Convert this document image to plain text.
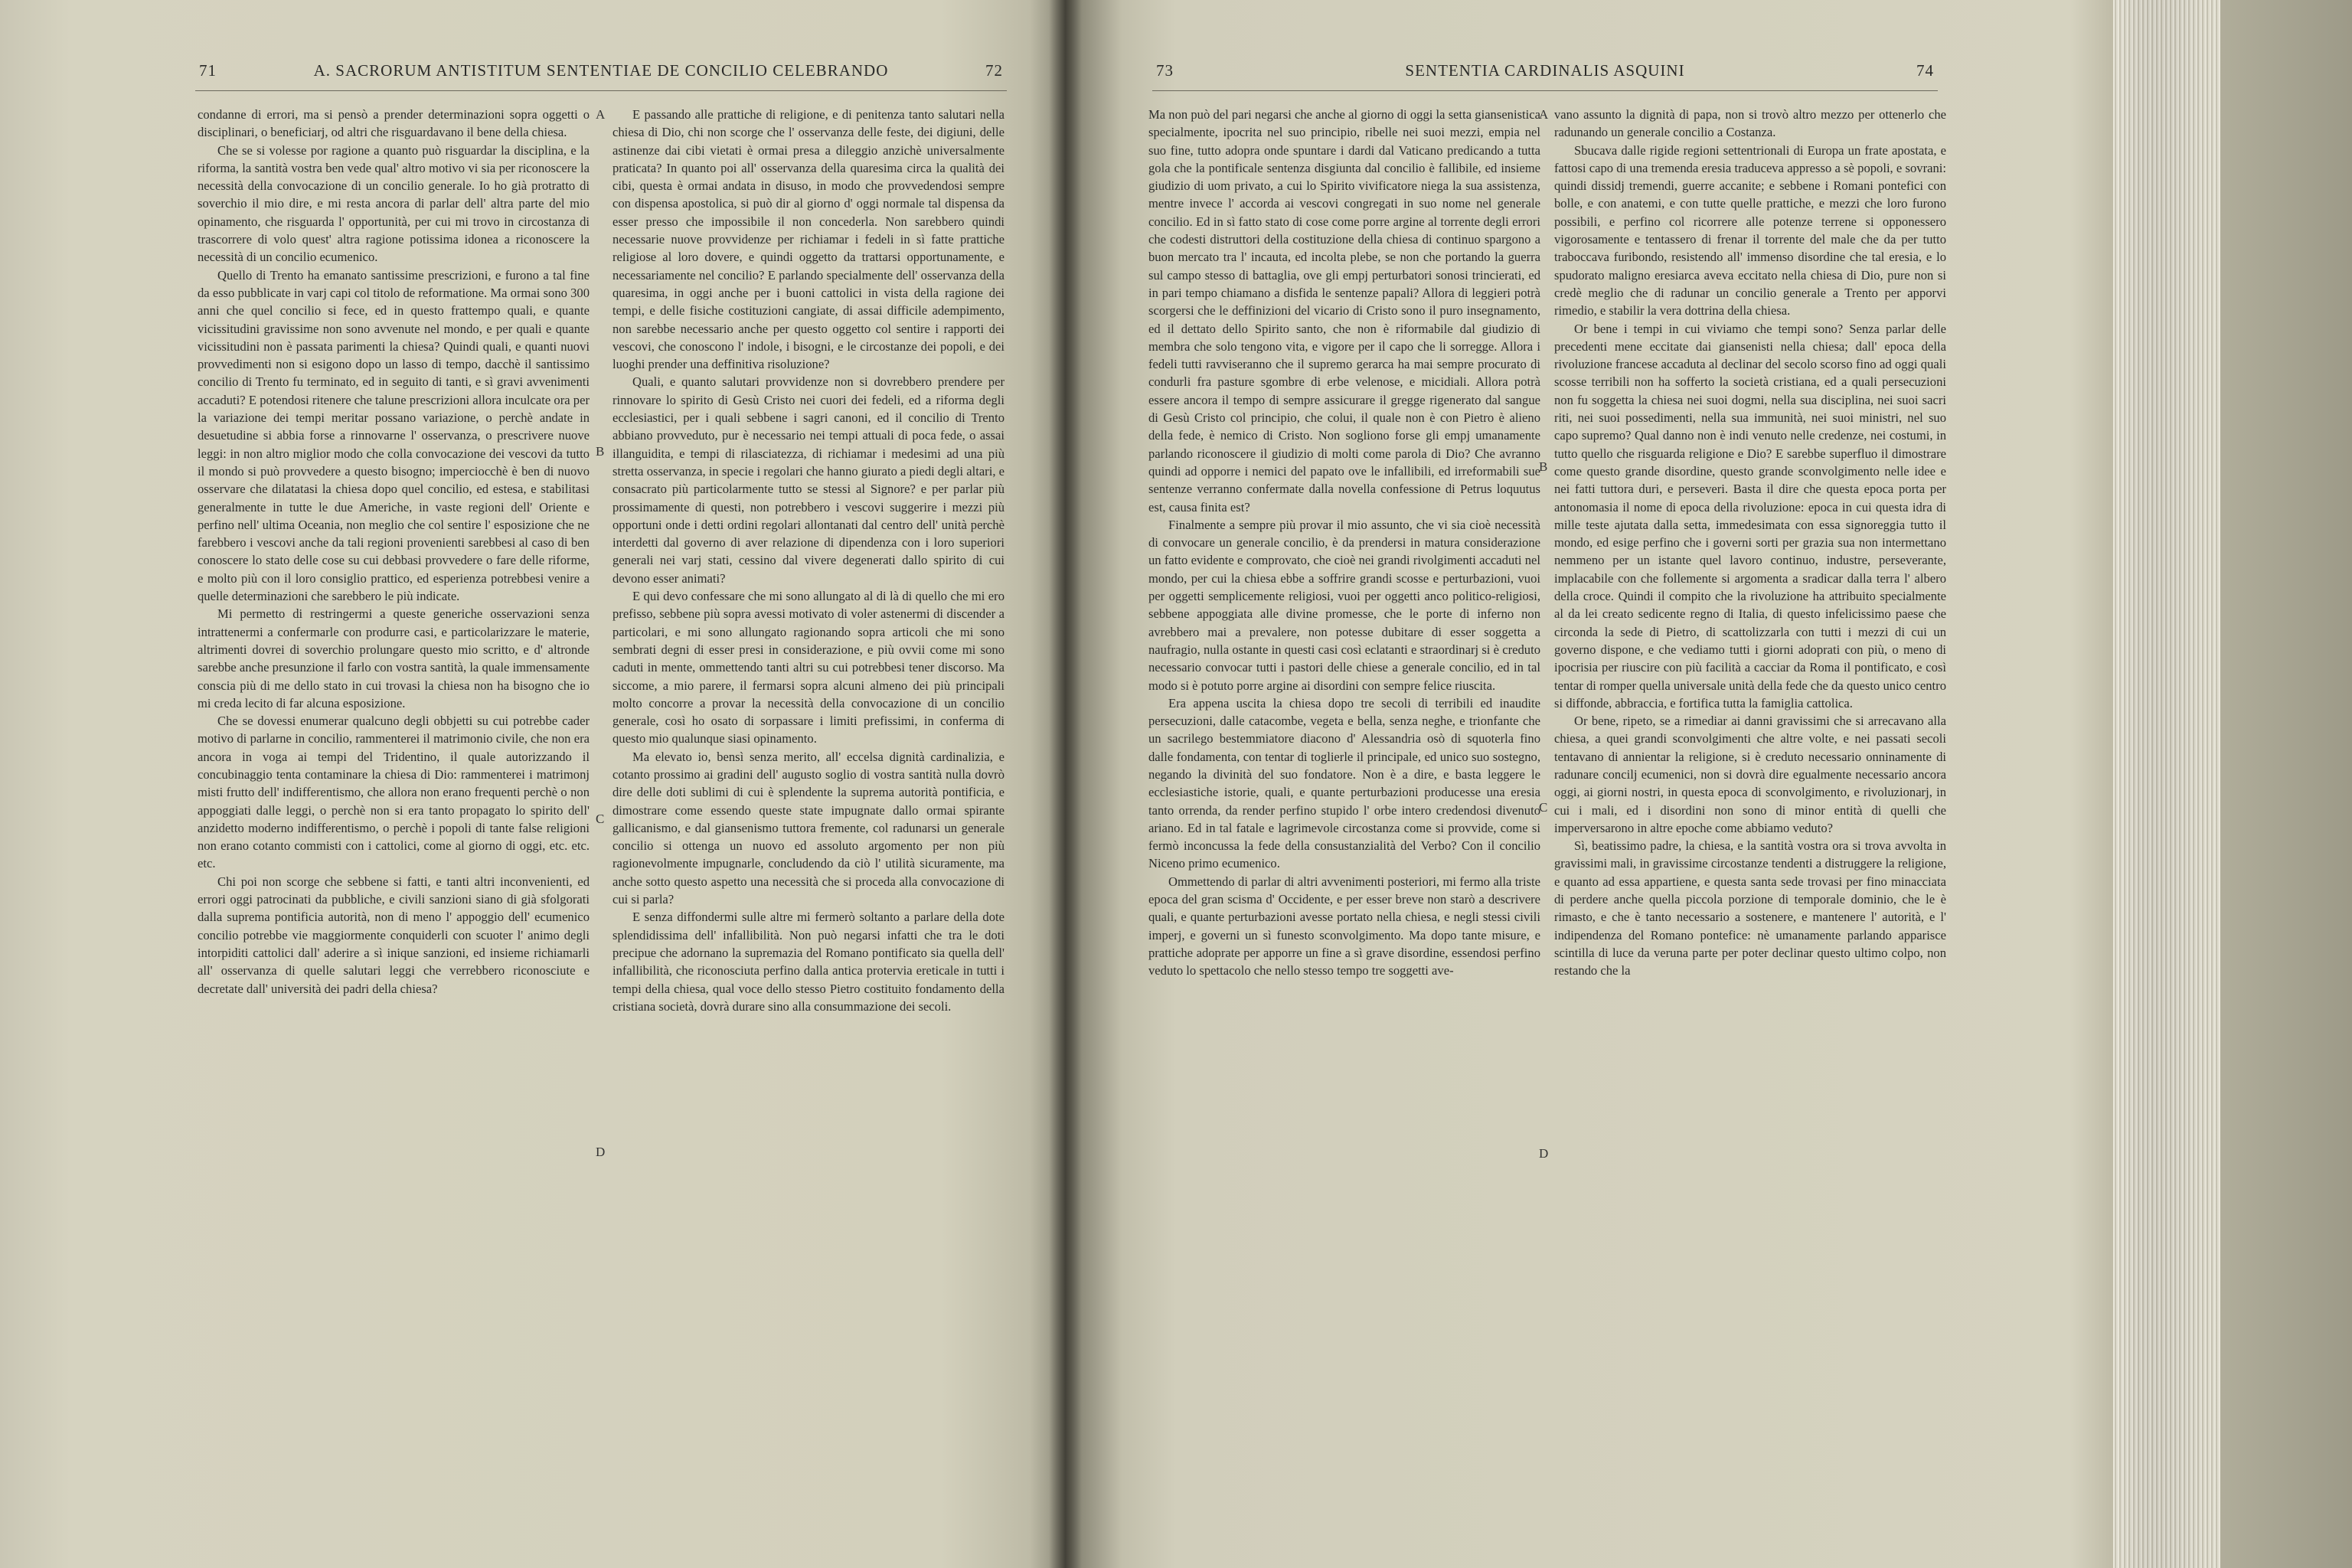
71	A. SACRORUM ANTISTITUM SENTENTIAE DE CONCILIO CELEBRANDO	72

condanne di errori, ma si pensò a prender determinazioni sopra oggetti o disciplinari, o beneficiarj, od altri che risguardavano il bene della chiesa.

Che se si volesse por ragione a quanto può risguardar la disciplina, e la riforma, la santità vostra ben vede qual' altro motivo vi sia per riconoscere la necessità della convocazione di un concilio generale. Io ho già protratto di soverchio il mio dire, e mi resta ancora di parlar dell' altra parte del mio opinamento, che risguarda l' opportunità, per cui mi trovo in circostanza di trascorrere di volo quest' altra ragione potissima idonea a riconoscere la necessità di un concilio ecumenico.

Quello di Trento ha emanato santissime prescrizioni, e furono a tal fine da esso pubblicate in varj capi col titolo de reformatione. Ma ormai sono 300 anni che quel concilio si fece, ed in questo frattempo quali, e quante vicissitudini gravissime non sono avvenute nel mondo, e per quali e quante vicissitudini non è passata parimenti la chiesa? Quindi quali, e quanti nuovi provvedimenti non si esigono dopo un lasso di tempo, dacchè il santissimo concilio di Trento fu terminato, ed in seguito di tanti, e sì gravi avvenimenti accaduti? E potendosi ritenere che talune prescrizioni allora inculcate ora per la variazione dei tempi meritar possano variazione, o perchè andate in desuetudine si abbia forse a rinnovarne l' osservanza, o prescrivere nuove leggi: in non altro miglior modo che colla convocazione dei vescovi da tutto il mondo si può provvedere a questo bisogno; imperciocchè è ben di nuovo osservare che dilatatasi la chiesa dopo quel concilio, ed estesa, e stabilitasi generalmente in tutte le due Americhe, in vaste regioni dell' Oriente e perfino nell' ultima Oceania, non meglio che col sentire l' esposizione che ne farebbero i vescovi anche da tali regioni provenienti sarebbesi al caso di ben conoscere lo stato delle cose su cui debbasi provvedere o fare delle riforme, e molto più con il loro consiglio prattico, ed esperienza potrebbesi venire a quelle determinazioni che sarebbero le più indicate.

Mi permetto di restringermi a queste generiche osservazioni senza intrattenermi a confermarle con produrre casi, e particolarizzare le materie, altrimenti dovrei di soverchio prolungare questo mio scritto, e d' altronde sarebbe anche presunzione il farlo con vostra santità, la quale immensamente conscia più di me dello stato in cui trovasi la chiesa non ha bisogno che io mi creda lecito di far alcuna esposizione.

Che se dovessi enumerar qualcuno degli obbjetti su cui potrebbe cader motivo di parlarne in concilio, rammenterei il matrimonio civile, che non era ancora in voga ai tempi del Tridentino, il quale autorizzando il concubinaggio tenta contaminare la chiesa di Dio: rammenterei i matrimonj misti frutto dell' indifferentismo, che allora non erano frequenti perchè o non appoggiati dalle leggi, o perchè non si era tanto propagato lo spirito dell' anzidetto moderno indifferentismo, o perchè i popoli di tante false religioni non erano cotanto commisti con i cattolici, come al giorno di oggi, etc. etc. etc.

Chi poi non scorge che sebbene si fatti, e tanti altri inconvenienti, ed errori oggi patrocinati da pubbliche, e civili sanzioni siano di già sfolgorati dalla suprema pontificia autorità, non di meno l' appoggio dell' ecumenico concilio potrebbe vie maggiormente conquiderli con scuoter l' animo degli intorpiditi cattolici dall' aderire a sì inique sanzioni, ed insieme richiamarli all' osservanza di quelle salutari leggi che verrebbero riconosciute e decretate dall' università dei padri della chiesa?

A
B
C
D

E passando alle prattiche di religione, e di penitenza tanto salutari nella chiesa di Dio, chi non scorge che l' osservanza delle feste, dei digiuni, delle astinenze dai cibi vietati è ormai presa a dileggio anzichè universalmente praticata? In quanto poi all' osservanza della quaresima circa la qualità dei cibi, questa è ormai andata in disuso, in modo che provvedendosi sempre con dispensa apostolica, si può dir al giorno d' oggi normale tal dispensa da esser presso che impossibile il non concederla. Non sarebbero quindi necessarie nuove provvidenze per richiamar i fedeli in sì fatte prattiche religiose al loro dovere, e quindi oggetto da trattarsi opportunamente, e necessariamente nel concilio? E parlando specialmente dell' osservanza della quaresima, in oggi anche per i buoni cattolici in vista della ragione dei tempi, e delle fisiche costituzioni cangiate, di assai difficile adempimento, non sarebbe necessario anche per questo oggetto col sentire i rapporti dei vescovi, che conoscono l' indole, i bisogni, e le circostanze dei popoli, e dei luoghi prender una deffinitiva risoluzione?

Quali, e quanto salutari provvidenze non si dovrebbero prendere per rinnovare lo spirito di Gesù Cristo nei cuori dei fedeli, ed a riforma degli ecclesiastici, per i quali sebbene i sagri canoni, ed il concilio di Trento abbiano provveduto, pur è necessario nei tempi attuali di poca fede, o assai illanguidita, e tempi di rilasciatezza, di richiamar i medesimi ad una più stretta osservanza, in specie i regolari che hanno giurato a piedi degli altari, e consacrato più particolarmente tutto se stessi al Signore? e per parlar più prossimamente di questi, non potrebbero i vescovi suggerire i mezzi più opportuni onde i detti ordini regolari allontanati dal centro dell' unità perchè interdetti dal governo di aver relazione di dipendenza con i loro superiori generali nei varj stati, cessino dal vivere degenerati dallo spirito di cui devono esser animati?

E qui devo confessare che mi sono allungato al di là di quello che mi ero prefisso, sebbene più sopra avessi motivato di voler astenermi di discender a particolari, e mi sono allungato ragionando sopra articoli che mi sono sembrati degni di esser presi in considerazione, e più ovvii come mi sono caduti in mente, ommettendo tanti altri su cui potrebbesi tener discorso. Ma siccome, a mio parere, il fermarsi sopra alcuni almeno dei più principali molto concorre a provar la necessità della convocazione di un concilio generale, così ho osato di sorpassare i limiti prefissimi, in conferma di questo mio qualunque siasi opinamento.

Ma elevato io, bensì senza merito, all' eccelsa dignità cardinalizia, e cotanto prossimo ai gradini dell' augusto soglio di vostra santità nulla dovrò dire delle doti sublimi di cui è splendente la suprema autorità pontificia, e dimostrare come essendo queste state impugnate dallo ormai spirante gallicanismo, e dal giansenismo tuttora fremente, col radunarsi un generale concilio si ottenga un nuovo ed assoluto argomento per non più ragionevolmente impugnarle, concludendo da ciò l' utilità sicuramente, ma anche sotto questo aspetto una necessità che si proceda alla convocazione di cui si parla?

E senza diffondermi sulle altre mi fermerò soltanto a parlare della dote splendidissima dell' infallibilità. Non può negarsi infatti che tra le doti precipue che adornano la supremazia del Romano pontificato sia quella dell' infallibilità, che riconosciuta perfino dalla antica protervia ereticale in tutti i tempi della chiesa, qual voce dello stesso Pietro costituito fondamento della cristiana società, dovrà durare sino alla consummazione dei secoli.

73	SENTENTIA CARDINALIS ASQUINI	74

Ma non può del pari negarsi che anche al giorno di oggi la setta giansenistica specialmente, ipocrita nel suo principio, ribelle nei suoi mezzi, empia nel suo fine, tutto adopra onde spuntare i dardi dal Vaticano predicando a tutta gola che la pontificale sentenza disgiunta dal concilio è fallibile, ed insieme giudizio di uom privato, a cui lo Spirito vivificatore niega la sua assistenza, mentre invece l' accorda ai vescovi congregati in suo nome nel generale concilio. Ed in sì fatto stato di cose come porre argine al torrente degli errori che codesti distruttori della costituzione della chiesa di continuo spargono a buon mercato tra l' incauta, ed incolta plebe, se non che portando la guerra sul campo stesso di battaglia, ove gli empj perturbatori sonosi trincierati, ed in pari tempo chiamano a disfida le sentenze papali? Allora di leggieri potrà scorgersi che le deffinizioni del vicario di Cristo sono il puro insegnamento, ed il dettato dello Spirito santo, che non è riformabile dal giudizio di membra che solo tengono vita, e vigore per il capo che li sorregge. Allora i fedeli tutti ravviseranno che il supremo gerarca ha mai sempre procurato di condurli fra pasture sgombre di erbe velenose, e micidiali. Allora potrà essere ancora il tempo di sempre assicurare il gregge rigenerato dal sangue di Gesù Cristo col principio, che colui, il quale non è con Pietro è alieno della fede, è nemico di Cristo. Non sogliono forse gli empj umanamente parlando riconoscere il giudizio di molti come parola di Dio? Che avranno quindi ad opporre i nemici del papato ove le infallibili, ed irreformabili sue sentenze verranno confermate dalla novella confessione di Petrus loquutus est, causa finita est?

Finalmente a sempre più provar il mio assunto, che vi sia cioè necessità di convocare un generale concilio, è da prendersi in matura considerazione un fatto evidente e comprovato, che cioè nei grandi rivolgimenti accaduti nel mondo, per cui la chiesa ebbe a soffrire grandi scosse e perturbazioni, vuoi per oggetti semplicemente religiosi, vuoi per oggetti anco politico-religiosi, sebbene appoggiata alle divine promesse, che le porte di inferno non avrebbero mai a prevalere, non potesse dubitare di esser soggetta a naufragio, nulla ostante in questi casi così eclatanti e straordinarj si è creduto necessario convocar tutti i pastori delle chiese a generale concilio, ed in tal modo si è potuto porre argine ai disordini con sempre felice riuscita.

Era appena uscita la chiesa dopo tre secoli di terribili ed inaudite persecuzioni, dalle catacombe, vegeta e bella, senza neghe, e trionfante che un sacrilego bestemmiatore diacono d' Alessandria osò di squoterla fino dalle fondamenta, con tentar di toglierle il principale, ed unico suo sostegno, negando la divinità del suo fondatore. Non è a dire, e basta leggere le ecclesiastiche istorie, quali, e quante perturbazioni producesse una eresia tanto orrenda, da render perfino stupido l' orbe intero credendosi divenuto ariano. Ed in tal fatale e lagrimevole circostanza come si provvide, come si fermò inconcussa la fede della consustanzialità del Verbo? Con il concilio Niceno primo ecumenico.

Ommettendo di parlar di altri avvenimenti posteriori, mi fermo alla triste epoca del gran scisma d' Occidente, e per esser breve non starò a descrivere quali, e quante perturbazioni avesse portato nella chiesa, e negli stessi civili imperj, e governi un sì funesto sconvolgimento. Ma dopo tante misure, e prattiche adoprate per apporre un fine a sì grave disordine, essendosi perfino veduto lo spettacolo che nello stesso tempo tre soggetti ave-

A
B
C
D

vano assunto la dignità di papa, non si trovò altro mezzo per ottenerlo che radunando un generale concilio a Costanza.

Sbucava dalle rigide regioni settentrionali di Europa un frate apostata, e fattosi capo di una tremenda eresia traduceva appresso a sè popoli, e sovrani: quindi dissidj tremendi, guerre accanite; e sebbene i Romani pontefici con bolle, e con anatemi, e con tutte quelle prattiche, e mezzi che loro furono possibili, e perfino col ricorrere alle potenze terrene si opponessero vigorosamente e tentassero di frenar il torrente del male che da per tutto traboccava furibondo, resistendo all' immenso disordine che tal eresia, e lo spudorato maligno eresiarca aveva eccitato nella chiesa di Dio, pure non si credè meglio che di radunar un concilio generale a Trento per apporvi rimedio, e stabilir la vera dottrina della chiesa.

Or bene i tempi in cui viviamo che tempi sono? Senza parlar delle precedenti mene eccitate dai giansenisti nella chiesa; dall' epoca della rivoluzione francese accaduta al declinar del secolo scorso fino ad oggi quali scosse terribili non ha sofferto la società cristiana, ed a quali persecuzioni non fu soggetta la chiesa nei suoi dogmi, nella sua disciplina, nei suoi sacri riti, nei suoi possedimenti, nella sua immunità, nei suoi ministri, nel suo capo supremo? Qual danno non è indi venuto nelle credenze, nei costumi, in tutto quello che risguarda religione e Dio? E sarebbe superfluo il dimostrare come questo grande disordine, questo grande sconvolgimento nelle idee e nei fatti tuttora duri, e perseveri. Basta il dire che questa epoca porta per antonomasia il nome di epoca della rivoluzione: epoca in cui questa idra di mille teste ajutata dalla setta, immedesimata con essa signoreggia tutto il mondo, ed esige perfino che i governi sorti per grazia sua non intermettano nemmeno per un istante quel lavoro continuo, industre, perseverante, implacabile con che follemente si argomenta a sradicar dalla terra l' albero della croce. Quindi il compito che la rivoluzione ha attribuito specialmente al da lei creato sedicente regno di Italia, di questo infelicissimo paese che circonda la sede di Pietro, di scattolizzarla con tutti i mezzi di cui un governo dispone, e che vediamo tutti i giorni adoprati con più, o meno di ipocrisia per riuscire con più facilità a cacciar da Roma il pontificato, e così tentar di romper quella universale unità della fede che da questo unico centro si diffonde, abbraccia, e fortifica tutta la famiglia cattolica.

Or bene, ripeto, se a rimediar ai danni gravissimi che si arrecavano alla chiesa, a quei grandi sconvolgimenti che altre volte, e nei passati secoli tentavano di annientar la religione, si è creduto necessario onninamente di radunare concilj ecumenici, non si dovrà dire egualmente necessario ancora oggi, ai giorni nostri, in questa epoca di sconvolgimento, e rivoluzionarj, in cui i mali, ed i disordini non sono di minor entità di quelli che imperversarono in altre epoche come abbiamo veduto?

Sì, beatissimo padre, la chiesa, e la santità vostra ora si trova avvolta in gravissimi mali, in gravissime circostanze tendenti a distruggere la religione, e quanto ad essa appartiene, e questa santa sede trovasi per fino minacciata di perdere anche quella piccola porzione di temporale dominio, che le è rimasto, e che è tanto necessario a sostenere, e mantenere l' autorità, e l' indipendenza del Romano pontefice: nè umanamente parlando apparisce scintilla di luce da veruna parte per poter declinar questo ultimo colpo, non restando che la
